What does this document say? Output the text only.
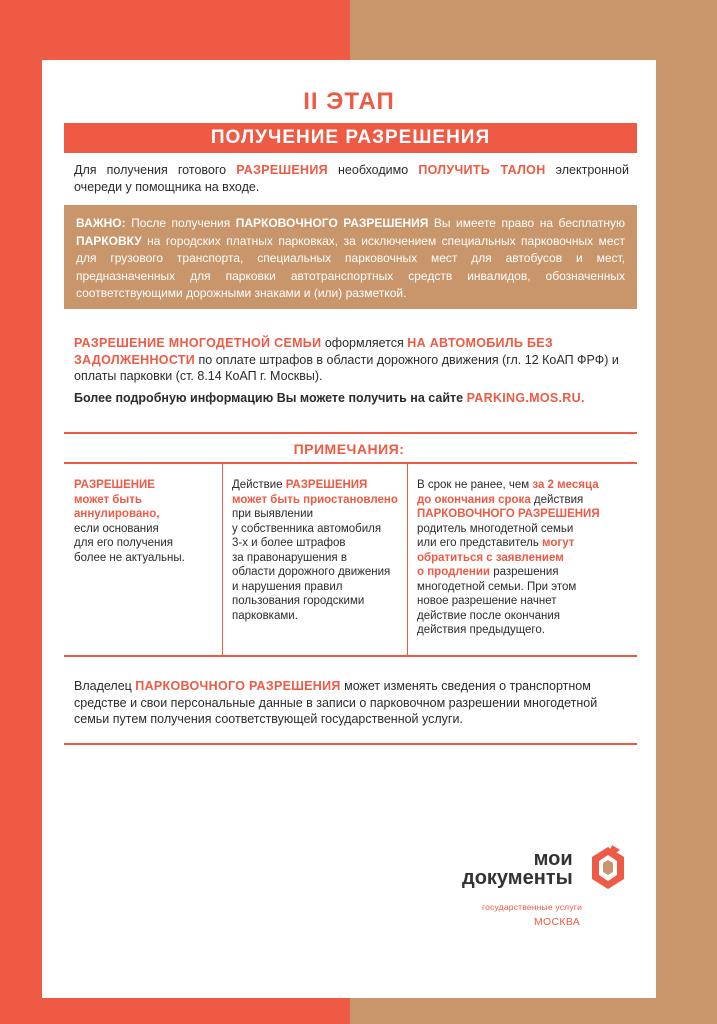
II ЭТАП
ПОЛУЧЕНИЕ РАЗРЕШЕНИЯ
Для получения готового РАЗРЕШЕНИЯ необходимо ПОЛУЧИТЬ ТАЛОН электронной очереди у помощника на входе.
ВАЖНО: После получения ПАРКОВОЧНОГО РАЗРЕШЕНИЯ Вы имеете право на бесплатную ПАРКОВКУ на городских платных парковках, за исключением специальных парковочных мест для грузового транспорта, специальных парковочных мест для автобусов и мест, предназначенных для парковки автотранспортных средств инвалидов, обозначенных соответствующими дорожными знаками и (или) разметкой.
РАЗРЕШЕНИЕ МНОГОДЕТНОЙ СЕМЬИ оформляется НА АВТОМОБИЛЬ БЕЗ ЗАДОЛЖЕННОСТИ по оплате штрафов в области дорожного движения (гл. 12 КоАП ФРФ) и оплаты парковки (ст. 8.14 КоАП г. Москвы).
Более подробную информацию Вы можете получить на сайте PARKING.MOS.RU.
ПРИМЕЧАНИЯ:
РАЗРЕШЕНИЕ
может быть
аннулировано,
если основания
для его получения
более не актуальны.
Действие РАЗРЕШЕНИЯ
может быть приостановлено
при выявлении
у собственника автомобиля
3-х и более штрафов
за правонарушения в
области дорожного движения
и нарушения правил
пользования городскими
парковками.
В срок не ранее, чем за 2 месяца
до окончания срока действия
ПАРКОВОЧНОГО РАЗРЕШЕНИЯ
родитель многодетной семьи
или его представитель могут
обратиться с заявлением
о продлении разрешения
многодетной семьи. При этом
новое разрешение начнет
действие после окончания
действия предыдущего.
Владелец ПАРКОВОЧНОГО РАЗРЕШЕНИЯ может изменять сведения о транспортном средстве и свои персональные данные в записи о парковочном разрешении многодетной семьи путем получения соответствующей государственной услуги.
мои
документы
государственные услуги
МОСКВА
